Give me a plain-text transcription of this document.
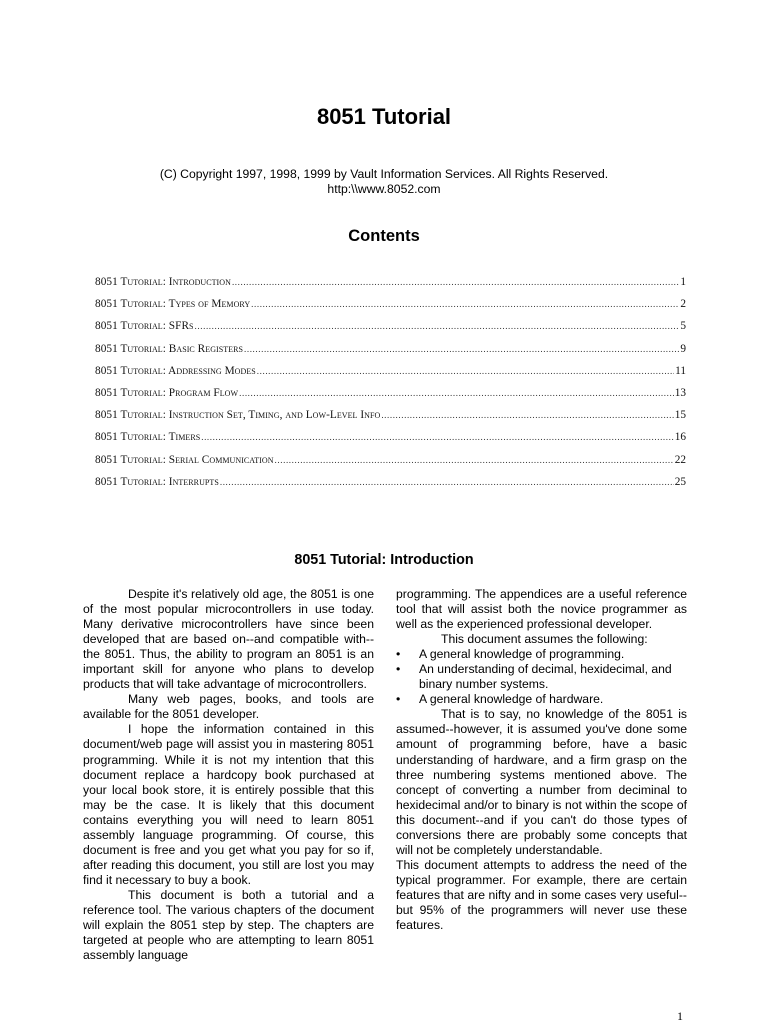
8051 Tutorial
(C) Copyright 1997, 1998, 1999 by Vault Information Services. All Rights Reserved.
http:\\www.8052.com
Contents
8051 Tutorial: Introduction .....	1
8051 Tutorial: Types of Memory .....	2
8051 Tutorial: SFRs .....	5
8051 Tutorial: Basic Registers .....	9
8051 Tutorial: Addressing Modes .....	11
8051 Tutorial: Program Flow .....	13
8051 Tutorial: Instruction Set, Timing, and Low-Level Info .....	15
8051 Tutorial: Timers .....	16
8051 Tutorial: Serial Communication .....	22
8051 Tutorial: Interrupts .....	25
8051 Tutorial: Introduction

Despite it's relatively old age, the 8051 is one of the most popular microcontrollers in use today. Many derivative microcontrollers have since been developed that are based on--and compatible with--the 8051. Thus, the ability to program an 8051 is an important skill for anyone who plans to develop products that will take advantage of microcontrollers.

Many web pages, books, and tools are available for the 8051 developer.

I hope the information contained in this document/web page will assist you in mastering 8051 programming. While it is not my intention that this document replace a hardcopy book purchased at your local book store, it is entirely possible that this may be the case. It is likely that this document contains everything you will need to learn 8051 assembly language programming. Of course, this document is free and you get what you pay for so if, after reading this document, you still are lost you may find it necessary to buy a book.

This document is both a tutorial and a reference tool. The various chapters of the document will explain the 8051 step by step. The chapters are targeted at people who are attempting to learn 8051 assembly language

programming. The appendices are a useful reference tool that will assist both the novice programmer as well as the experienced professional developer.

This document assumes the following:

• A general knowledge of programming.
• An understanding of decimal, hexidecimal, and binary number systems.
• A general knowledge of hardware.

That is to say, no knowledge of the 8051 is assumed--however, it is assumed you've done some amount of programming before, have a basic understanding of hardware, and a firm grasp on the three numbering systems mentioned above. The concept of converting a number from deciminal to hexidecimal and/or to binary is not within the scope of this document--and if you can't do those types of conversions there are probably some concepts that will not be completely understandable.

This document attempts to address the need of the typical programmer. For example, there are certain features that are nifty and in some cases very useful--but 95% of the programmers will never use these features.

1
